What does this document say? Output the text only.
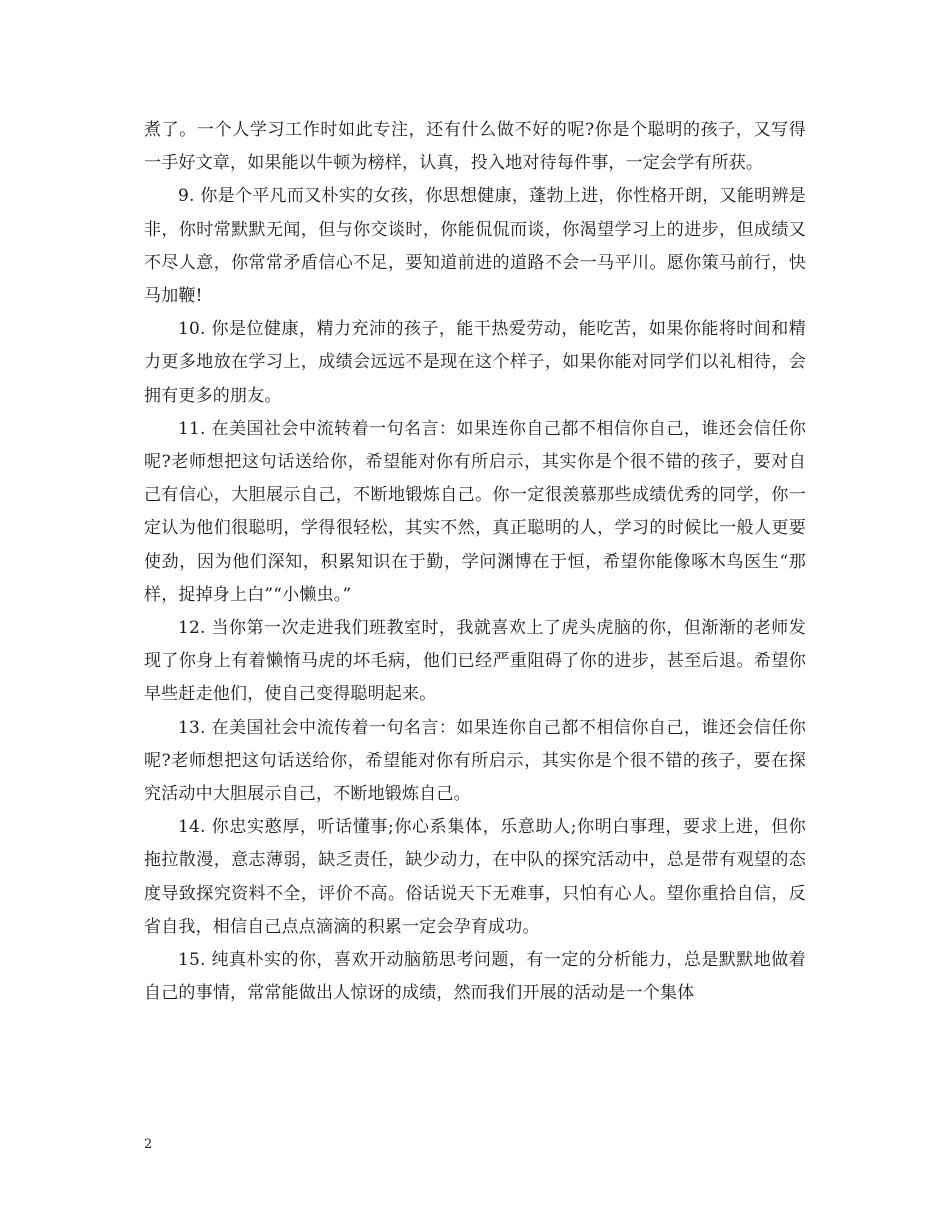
煮了。一个人学习工作时如此专注，还有什么做不好的呢?你是个聪明的孩子，又写得一手好文章，如果能以牛顿为榜样，认真，投入地对待每件事，一定会学有所获。

9. 你是个平凡而又朴实的女孩，你思想健康，蓬勃上进，你性格开朗，又能明辨是非，你时常默默无闻，但与你交谈时，你能侃侃而谈，你渴望学习上的进步，但成绩又不尽人意，你常常矛盾信心不足，要知道前进的道路不会一马平川。愿你策马前行，快马加鞭!

10. 你是位健康，精力充沛的孩子，能干热爱劳动，能吃苦，如果你能将时间和精力更多地放在学习上，成绩会远远不是现在这个样子，如果你能对同学们以礼相待，会拥有更多的朋友。

11. 在美国社会中流转着一句名言：如果连你自己都不相信你自己，谁还会信任你呢?老师想把这句话送给你，希望能对你有所启示，其实你是个很不错的孩子，要对自己有信心，大胆展示自己，不断地锻炼自己。你一定很羡慕那些成绩优秀的同学，你一定认为他们很聪明，学得很轻松，其实不然，真正聪明的人，学习的时候比一般人更要使劲，因为他们深知，积累知识在于勤，学问渊博在于恒，希望你能像啄木鸟医生“那样，捉掉身上白”“小懒虫。”

12. 当你第一次走进我们班教室时，我就喜欢上了虎头虎脑的你，但渐渐的老师发现了你身上有着懒惰马虎的坏毛病，他们已经严重阻碍了你的进步，甚至后退。希望你早些赶走他们，使自己变得聪明起来。

13. 在美国社会中流传着一句名言：如果连你自己都不相信你自己，谁还会信任你呢?老师想把这句话送给你，希望能对你有所启示，其实你是个很不错的孩子，要在探究活动中大胆展示自己，不断地锻炼自己。

14. 你忠实憨厚，听话懂事;你心系集体，乐意助人;你明白事理，要求上进，但你拖拉散漫，意志薄弱，缺乏责任，缺少动力，在中队的探究活动中，总是带有观望的态度导致探究资料不全，评价不高。俗话说天下无难事，只怕有心人。望你重拾自信，反省自我，相信自己点点滴滴的积累一定会孕育成功。

15. 纯真朴实的你，喜欢开动脑筋思考问题，有一定的分析能力，总是默默地做着自己的事情，常常能做出人惊讶的成绩，然而我们开展的活动是一个集体

2
